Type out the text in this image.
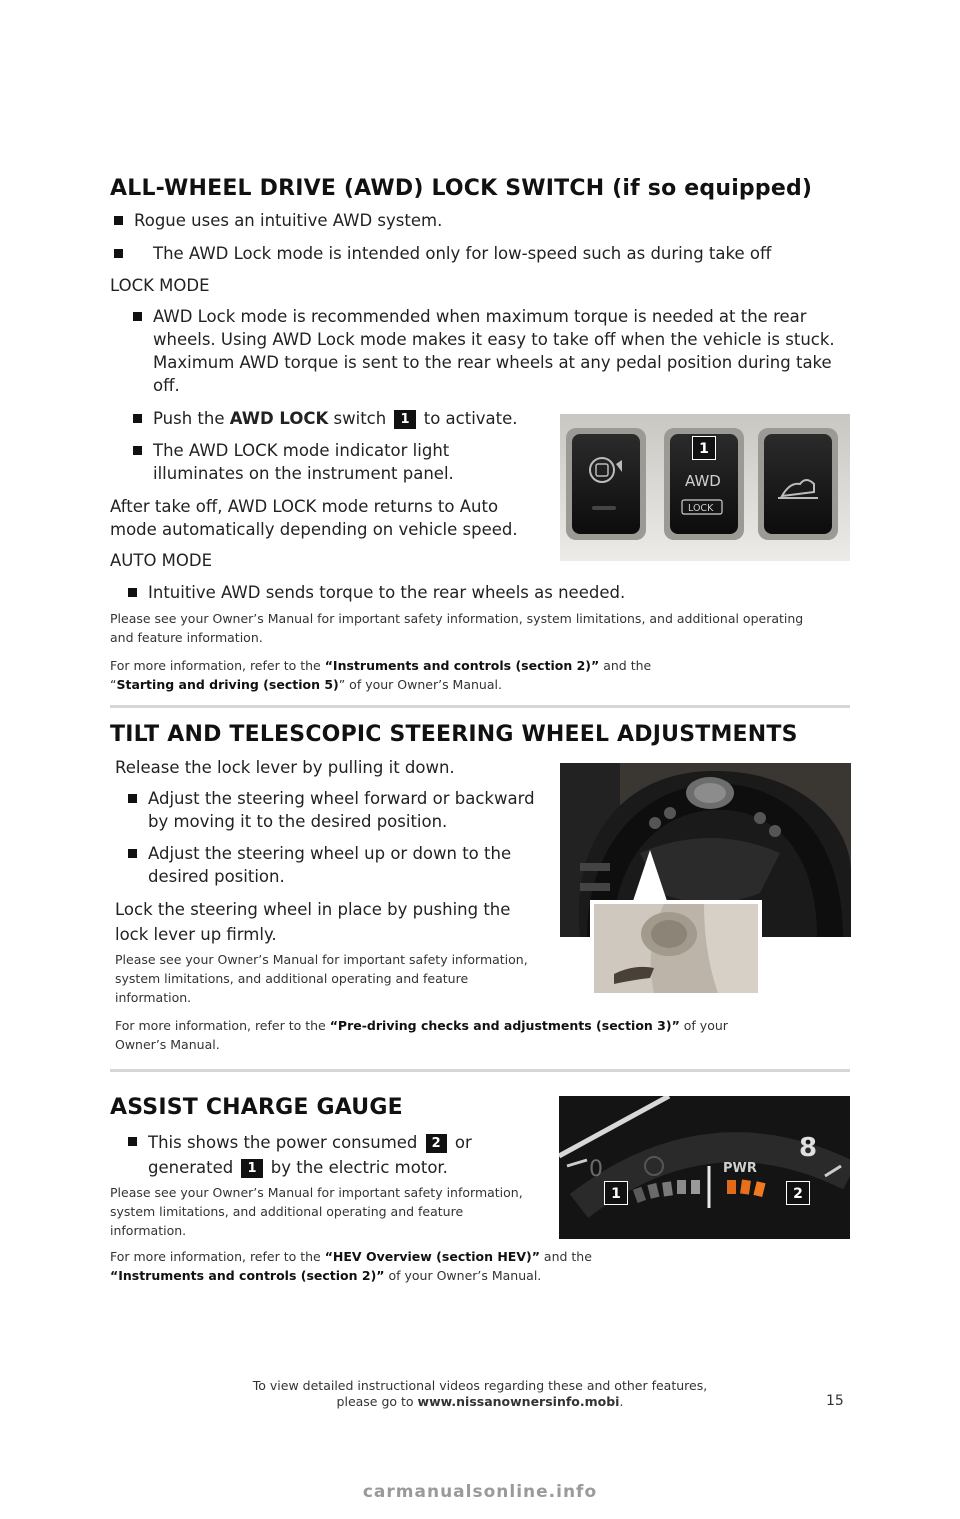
ALL-WHEEL DRIVE (AWD) LOCK SWITCH (if so equipped)
Rogue uses an intuitive AWD system.
The AWD Lock mode is intended only for low-speed such as during take off
LOCK MODE
AWD Lock mode is recommended when maximum torque is needed at the rear wheels. Using AWD Lock mode makes it easy to take off when the vehicle is stuck. Maximum AWD torque is sent to the rear wheels at any pedal position during take off.
Push the AWD LOCK switch 1 to activate.
The AWD LOCK mode indicator light illuminates on the instrument panel.
After take off, AWD LOCK mode returns to Auto mode automatically depending on vehicle speed.
AUTO MODE
Intuitive AWD sends torque to the rear wheels as needed.
Please see your Owner’s Manual for important safety information, system limitations, and additional operating and feature information.
For more information, refer to the “Instruments and controls (section 2)” and the “Starting and driving (section 5)” of your Owner’s Manual.
AWD
LOCK
1
TILT AND TELESCOPIC STEERING WHEEL ADJUSTMENTS
Release the lock lever by pulling it down.
Adjust the steering wheel forward or backward by moving it to the desired position.
Adjust the steering wheel up or down to the desired position.
Lock the steering wheel in place by pushing the lock lever up firmly.
Please see your Owner’s Manual for important safety information, system limitations, and additional operating and feature information.
For more information, refer to the “Pre-driving checks and adjustments (section 3)” of your Owner’s Manual.
ASSIST CHARGE GAUGE
This shows the power consumed 2 or generated 1 by the electric motor.
Please see your Owner’s Manual for important safety information, system limitations, and additional operating and feature information.
For more information, refer to the “HEV Overview (section HEV)” and the “Instruments and controls (section 2)” of your Owner’s Manual.
0
8
PWR
1	2
To view detailed instructional videos regarding these and other features,
please go to www.nissanownersinfo.mobi.	15
carmanualsonline.info
